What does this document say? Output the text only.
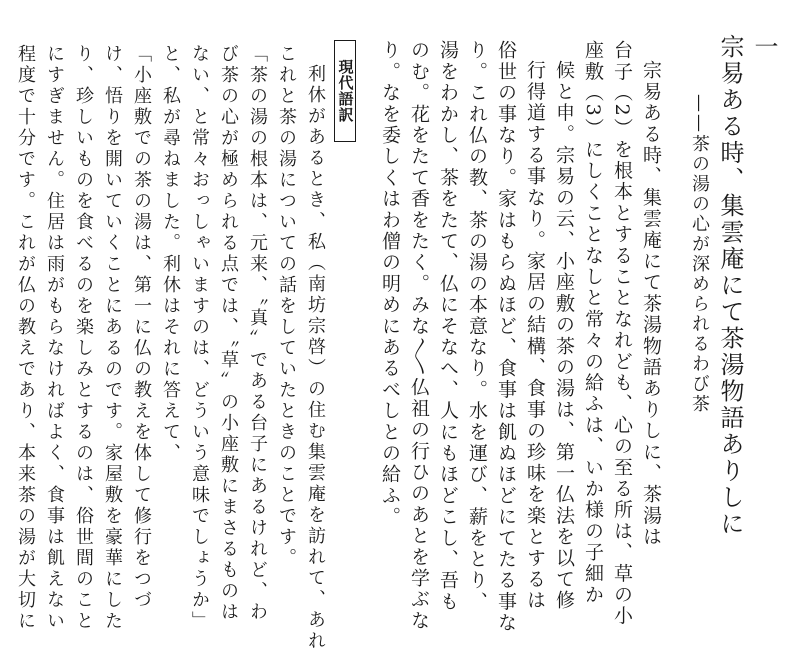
一
宗易ある時、集雲庵にて茶湯物語ありしに
——茶の湯の心が深められるわび茶
宗易ある時、集雲庵にて茶湯物語ありしに、茶湯は
台子（2）を根本とすることなれども、心の至る所は、草の小
座敷（3）にしくことなしと常々の給ふは、いか様の子細か
候と申。宗易の云、小座敷の茶の湯は、第一仏法を以て修
行得道する事なり。家居の結構、食事の珍味を楽とするは
俗世の事なり。家はもらぬほど、食事は飢ぬほどにてたる事な
り。これ仏の教、茶の湯の本意なり。水を運び、薪をとり、
湯をわかし、茶をたて、仏にそなへ、人にもほどこし、吾も
のむ。花をたて香をたく。みな〳〵仏祖の行ひのあとを学ぶな
り。なを委しくはわ僧の明めにあるべしとの給ふ。
現代語訳
利休があるとき、私（南坊宗啓）の住む集雲庵を訪れて、あれ
これと茶の湯についての話をしていたときのことです。
「茶の湯の根本は、元来、〝真〟である台子にあるけれど、わ
び茶の心が極められる点では、〝草〟の小座敷にまさるものは
ない、と常々おっしゃいますのは、どういう意味でしょうか」
と、私が尋ねました。利休はそれに答えて、
「小座敷での茶の湯は、第一に仏の教えを体して修行をつづ
け、悟りを開いていくことにあるのです。家屋敷を豪華にした
り、珍しいものを食べるのを楽しみとするのは、俗世間のこと
にすぎません。住居は雨がもらなければよく、食事は飢えない
程度で十分です。これが仏の教えであり、本来茶の湯が大切に
